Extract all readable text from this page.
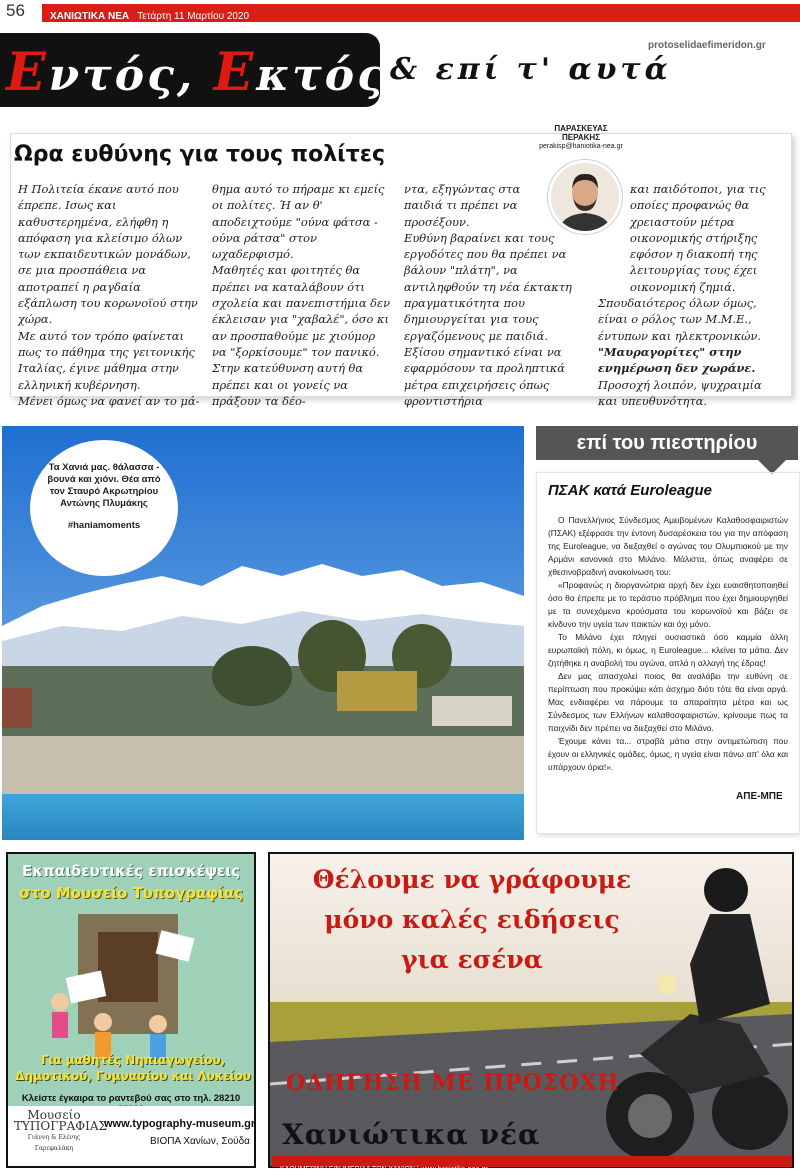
56	ΧΑΝΙΩΤΙΚΑ ΝΕΑ Τετάρτη 11 Μαρτίου 2020
Εντός, Εκτός...
& επί τ' αυτά
protoselidaefimeridon.gr
Ωρα ευθύνης για τους πολίτες
ΠΑΡΑΣΚΕΥΑΣ ΠΕΡΑΚΗΣ
perakisp@haniotika-nea.gr

Η Πολιτεία έκανε αυτό που έπρεπε. Ισως και καθυστερημένα, ελήφθη η απόφαση για κλείσιμο όλων των εκπαιδευτικών μονάδων, σε μια προσπάθεια να αποτραπεί η ραγδαία εξάπλωση του κορωνοϊού στην χώρα.

Με αυτό τον τρόπο φαίνεται πως το πάθημα της γειτονικής Ιταλίας, έγινε μάθημα στην ελληνική κυβέρνηση.

Μένει όμως να φανεί αν το μά-

θημα αυτό το πήραμε κι εμείς οι πολίτες. Ή αν θ' αποδειχτούμε "ούνα φάτσα - ούνα ράτσα" στον ωχαδερφισμό.

Μαθητές και φοιτητές θα πρέπει να καταλάβουν ότι σχολεία και πανεπιστήμια δεν έκλεισαν για "χαβαλέ", όσο κι αν προσπαθούμε με χιούμορ να "ξορκίσουμε" τον πανικό.

Στην κατεύθυνση αυτή θα πρέπει και οι γονείς να πράξουν τα δέο-

ντα, εξηγώντας στα παιδιά τι πρέπει να προσέξουν.

Ευθύνη βαραίνει και τους εργοδότες που θα πρέπει να βάλουν "πλάτη", να αντιληφθούν τη νέα έκτακτη πραγματικότητα που δημιουργείται για τους εργαζόμενους με παιδιά.

Εξίσου σημαντικό είναι να εφαρμόσουν τα προληπτικά μέτρα επιχειρήσεις όπως φροντιστήρια

και παιδότοποι, για τις οποίες προφανώς θα χρειαστούν μέτρα οικονομικής στήριξης εφόσον η διακοπή της λειτουργίας τους έχει οικονομική ζημιά.

Σπουδαιότερος όλων όμως, είναι ο ρόλος των Μ.Μ.Ε., έντυπων και ηλεκτρονικών.

"Μαυραγορίτες" στην ενημέρωση δεν χωράνε.

Προσοχή λοιπόν, ψυχραιμία και υπευθυνότητα.

Τα Χανιά μας. θάλασσα - βουνά και χιόνι. Θέα από τον Σταυρό Ακρωτηρίου Αντώνης Πλυμάκης
#haniamoments
επί του πιεστηρίου
ΠΣΑΚ κατά Euroleague

Ο Πανελλήνιος Σύνδεσμος Αμειβομένων Καλαθοσφαιριστών (ΠΣΑΚ) εξέφρασε την έντονη δυσαρέσκεια του για την απόφαση της Euroleague, να διεξαχθεί ο αγώνας του Ολυμπιακού με την Αρμάνι κανονικά στο Μιλάνο. Μάλιστα, όπως αναφέρει σε χθεσινοβραδινή ανακοίνωση του:

«Προφανώς η διοργανώτρια αρχή δεν έχει ευαισθητοποιηθεί όσο θα έπρεπε με το τεράστιο πρόβλημα που έχει δημιουργηθεί με τα συνεχόμενα κρούσματα του κορωνοϊού και βάζει σε κίνδυνο την υγεία των παικτών και όχι μόνο.

Το Μιλάνο έχει πληγεί ουσιαστικά όσο καμμία άλλη ευρωπαϊκή πόλη, κι όμως, η Euroleague... κλείνει τα μάτια. Δεν ζητήθηκε η αναβολή του αγώνα, απλά η αλλαγή της έδρας!

Δεν μας απασχολεί ποιος θα αναλάβει την ευθύνη σε περίπτωση που προκύψει κάτι άσχημο διότι τότε θα είναι αργά. Μας ενδιαφέρει να πάρουμε τα απαραίτητα μέτρα και ως Σύνδεσμος των Ελλήνων καλαθοσφαιριστών, κρίνουμε πως τα παιχνίδι δεν πρέπει να διεξαχθεί στο Μιλάνο.

Έχουμε κάνει τα... στραβά μάτια στην αντιμετώπιση που έχουν οι ελληνικές ομάδες, όμως, η υγεία είναι πάνω απ' όλα και υπάρχουν όρια!».

ΑΠΕ-ΜΠΕ
Εκπαιδευτικές επισκέψεις
στο Μουσείο Τυπογραφίας
Για μαθητές Νηπιαγωγείου, Δημοτικού, Γυμνασίου και Λυκείου
Κλείστε έγκαιρα το ραντεβού σας στο τηλ. 28210
Μουσείο
ΤΥΠΟΓΡΑΦΙΑΣ
Γιάννη & Ελένης Γαρεφαλάκη
www.typography-museum.gr
ΒΙΟΠΑ Χανίων, Σούδα
Θέλουμε να γράφουμε
μόνο καλές ειδήσεις
για εσένα
ΟΔΗΓΗΣΗ ΜΕ ΠΡΟΣΟΧΗ
Χανιώτικα νέα
ΚΑΘΗΜΕΡΙΝΗ ΕΦΗΜΕΡΙΔΑ ΤΩΝ ΧΑΝΙΩΝ | www.haniotika-nea.gr
